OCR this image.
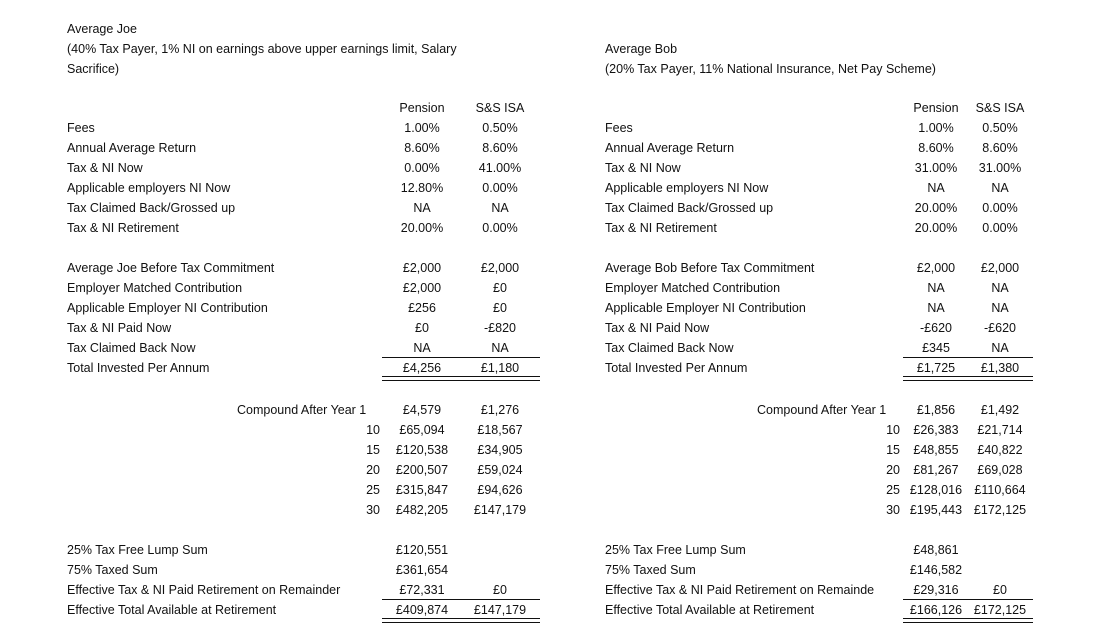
Average Joe
(40% Tax Payer, 1% NI on earnings above upper earnings limit, Salary
Sacrifice)
Pension	S&S ISA
Fees	1.00%	0.50%
Annual Average Return	8.60%	8.60%
Tax & NI Now	0.00%	41.00%
Applicable employers NI Now	12.80%	0.00%
Tax Claimed Back/Grossed up	NA	NA
Tax & NI Retirement	20.00%	0.00%
Average Joe Before Tax Commitment	£2,000	£2,000
Employer Matched Contribution	£2,000	£0
Applicable Employer NI Contribution	£256	£0
Tax & NI Paid Now	£0	-£820
Tax Claimed Back Now	NA	NA
Total Invested Per Annum	£4,256	£1,180
Compound After Year 1	£4,579	£1,276
10	£65,094	£18,567
15	£120,538	£34,905
20	£200,507	£59,024
25	£315,847	£94,626
30	£482,205	£147,179
25% Tax Free Lump Sum	£120,551
75% Taxed Sum	£361,654
Effective Tax & NI Paid Retirement on Remainder	£72,331	£0
Effective Total Available at Retirement	£409,874	£147,179
Average Bob
(20% Tax Payer, 11% National Insurance, Net Pay Scheme)
Pension	S&S ISA
Fees	1.00%	0.50%
Annual Average Return	8.60%	8.60%
Tax & NI Now	31.00%	31.00%
Applicable employers NI Now	NA	NA
Tax Claimed Back/Grossed up	20.00%	0.00%
Tax & NI Retirement	20.00%	0.00%
Average Bob Before Tax Commitment	£2,000	£2,000
Employer Matched Contribution	NA	NA
Applicable Employer NI Contribution	NA	NA
Tax & NI Paid Now	-£620	-£620
Tax Claimed Back Now	£345	NA
Total Invested Per Annum	£1,725	£1,380
Compound After Year 1	£1,856	£1,492
10	£26,383	£21,714
15	£48,855	£40,822
20	£81,267	£69,028
25 £128,016 £110,664
30 £195,443 £172,125
25% Tax Free Lump Sum	£48,861
75% Taxed Sum	£146,582
Effective Tax & NI Paid Retirement on Remainde	£29,316	£0
Effective Total Available at Retirement	£166,126 £172,125
